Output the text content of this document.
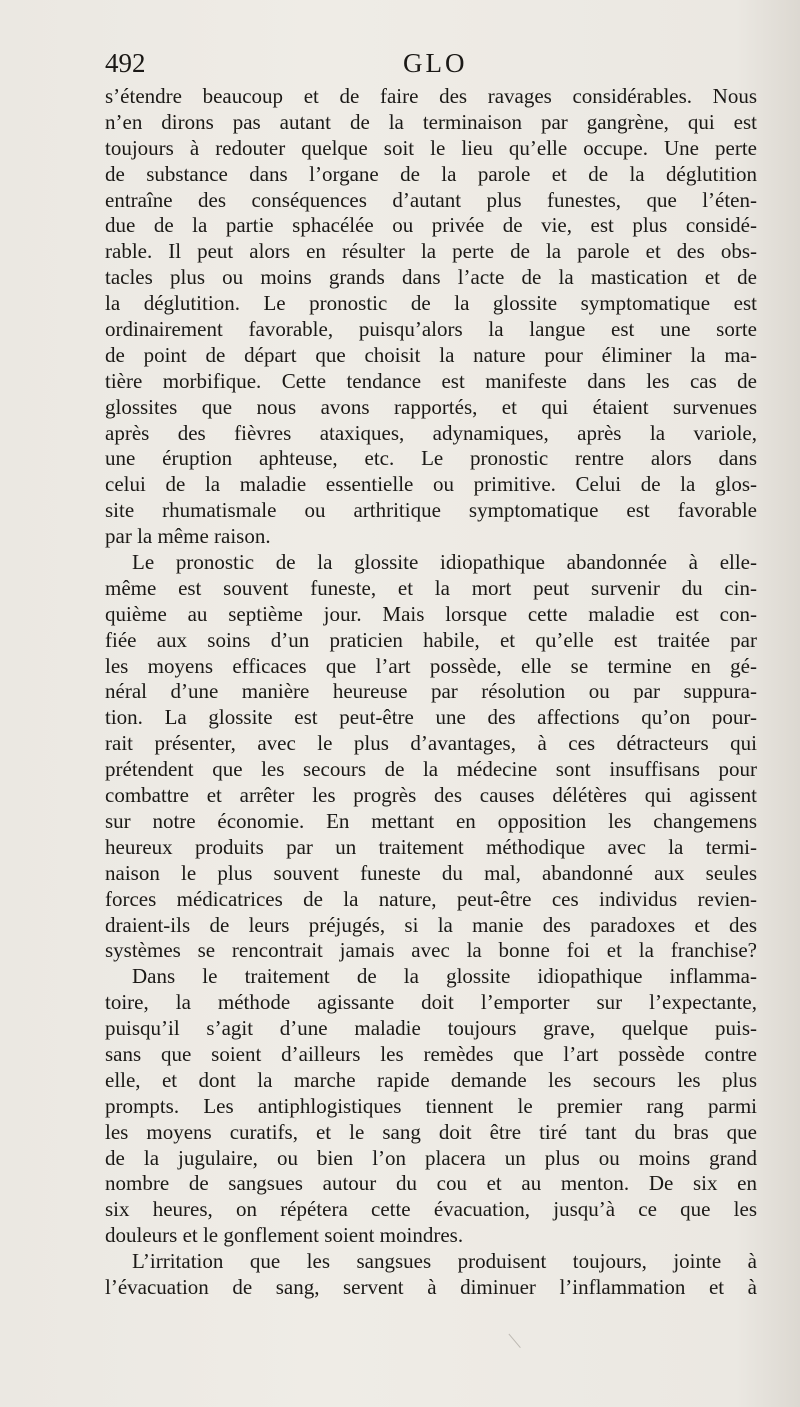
492	GLO
s’étendre beaucoup et de faire des ravages considérables. Nous
n’en dirons pas autant de la terminaison par gangrène, qui est
toujours à redouter quelque soit le lieu qu’elle occupe. Une perte
de substance dans l’organe de la parole et de la déglutition
entraîne des conséquences d’autant plus funestes, que l’éten-
due de la partie sphacélée ou privée de vie, est plus considé-
rable. Il peut alors en résulter la perte de la parole et des obs-
tacles plus ou moins grands dans l’acte de la mastication et de
la déglutition. Le pronostic de la glossite symptomatique est
ordinairement favorable, puisqu’alors la langue est une sorte
de point de départ que choisit la nature pour éliminer la ma-
tière morbifique. Cette tendance est manifeste dans les cas de
glossites que nous avons rapportés, et qui étaient survenues
après des fièvres ataxiques, adynamiques, après la variole,
une éruption aphteuse, etc. Le pronostic rentre alors dans
celui de la maladie essentielle ou primitive. Celui de la glos-
site rhumatismale ou arthritique symptomatique est favorable
par la même raison.
Le pronostic de la glossite idiopathique abandonnée à elle-
même est souvent funeste, et la mort peut survenir du cin-
quième au septième jour. Mais lorsque cette maladie est con-
fiée aux soins d’un praticien habile, et qu’elle est traitée par
les moyens efficaces que l’art possède, elle se termine en gé-
néral d’une manière heureuse par résolution ou par suppura-
tion. La glossite est peut-être une des affections qu’on pour-
rait présenter, avec le plus d’avantages, à ces détracteurs qui
prétendent que les secours de la médecine sont insuffisans pour
combattre et arrêter les progrès des causes délétères qui agissent
sur notre économie. En mettant en opposition les changemens
heureux produits par un traitement méthodique avec la termi-
naison le plus souvent funeste du mal, abandonné aux seules
forces médicatrices de la nature, peut-être ces individus revien-
draient-ils de leurs préjugés, si la manie des paradoxes et des
systèmes se rencontrait jamais avec la bonne foi et la franchise?
Dans le traitement de la glossite idiopathique inflamma-
toire, la méthode agissante doit l’emporter sur l’expectante,
puisqu’il s’agit d’une maladie toujours grave, quelque puis-
sans que soient d’ailleurs les remèdes que l’art possède contre
elle, et dont la marche rapide demande les secours les plus
prompts. Les antiphlogistiques tiennent le premier rang parmi
les moyens curatifs, et le sang doit être tiré tant du bras que
de la jugulaire, ou bien l’on placera un plus ou moins grand
nombre de sangsues autour du cou et au menton. De six en
six heures, on répétera cette évacuation, jusqu’à ce que les
douleurs et le gonflement soient moindres.
L’irritation que les sangsues produisent toujours, jointe à
l’évacuation de sang, servent à diminuer l’inflammation et à
